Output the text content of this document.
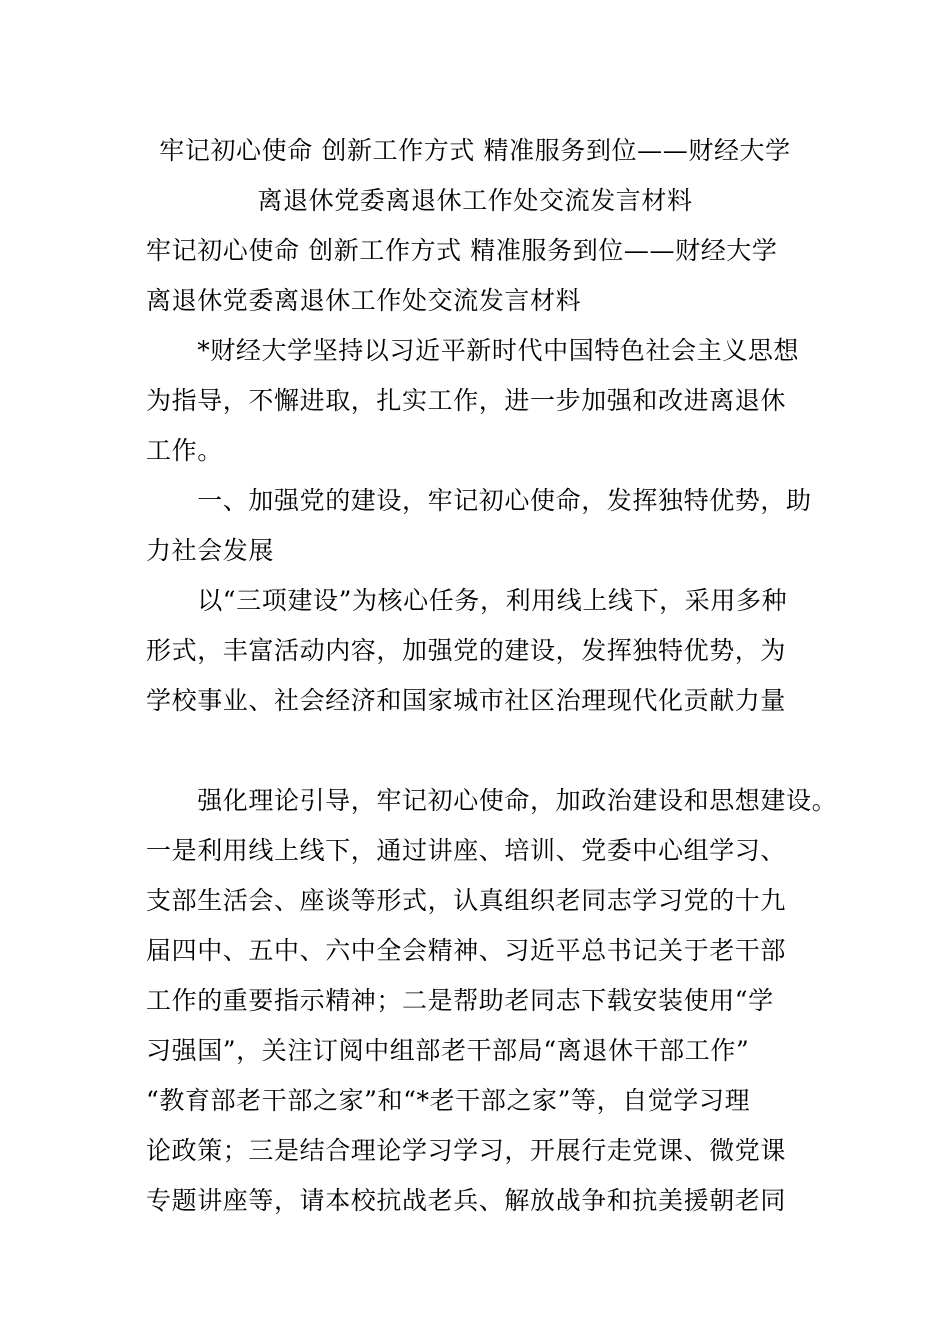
牢记初心使命 创新工作方式 精准服务到位——财经大学
离退休党委离退休工作处交流发言材料
牢记初心使命 创新工作方式 精准服务到位——财经大学
离退休党委离退休工作处交流发言材料
　　*财经大学坚持以习近平新时代中国特色社会主义思想
为指导，不懈进取，扎实工作，进一步加强和改进离退休
工作。
　　一、加强党的建设，牢记初心使命，发挥独特优势，助
力社会发展
　　以“三项建设”为核心任务，利用线上线下，采用多种
形式，丰富活动内容，加强党的建设，发挥独特优势，为
学校事业、社会经济和国家城市社区治理现代化贡献力量
　　强化理论引导，牢记初心使命，加政治建设和思想建设。
一是利用线上线下，通过讲座、培训、党委中心组学习、
支部生活会、座谈等形式，认真组织老同志学习党的十九
届四中、五中、六中全会精神、习近平总书记关于老干部
工作的重要指示精神；二是帮助老同志下载安装使用“学
习强国”，关注订阅中组部老干部局“离退休干部工作”
“教育部老干部之家”和“*老干部之家”等，自觉学习理
论政策；三是结合理论学习学习，开展行走党课、微党课
专题讲座等，请本校抗战老兵、解放战争和抗美援朝老同
